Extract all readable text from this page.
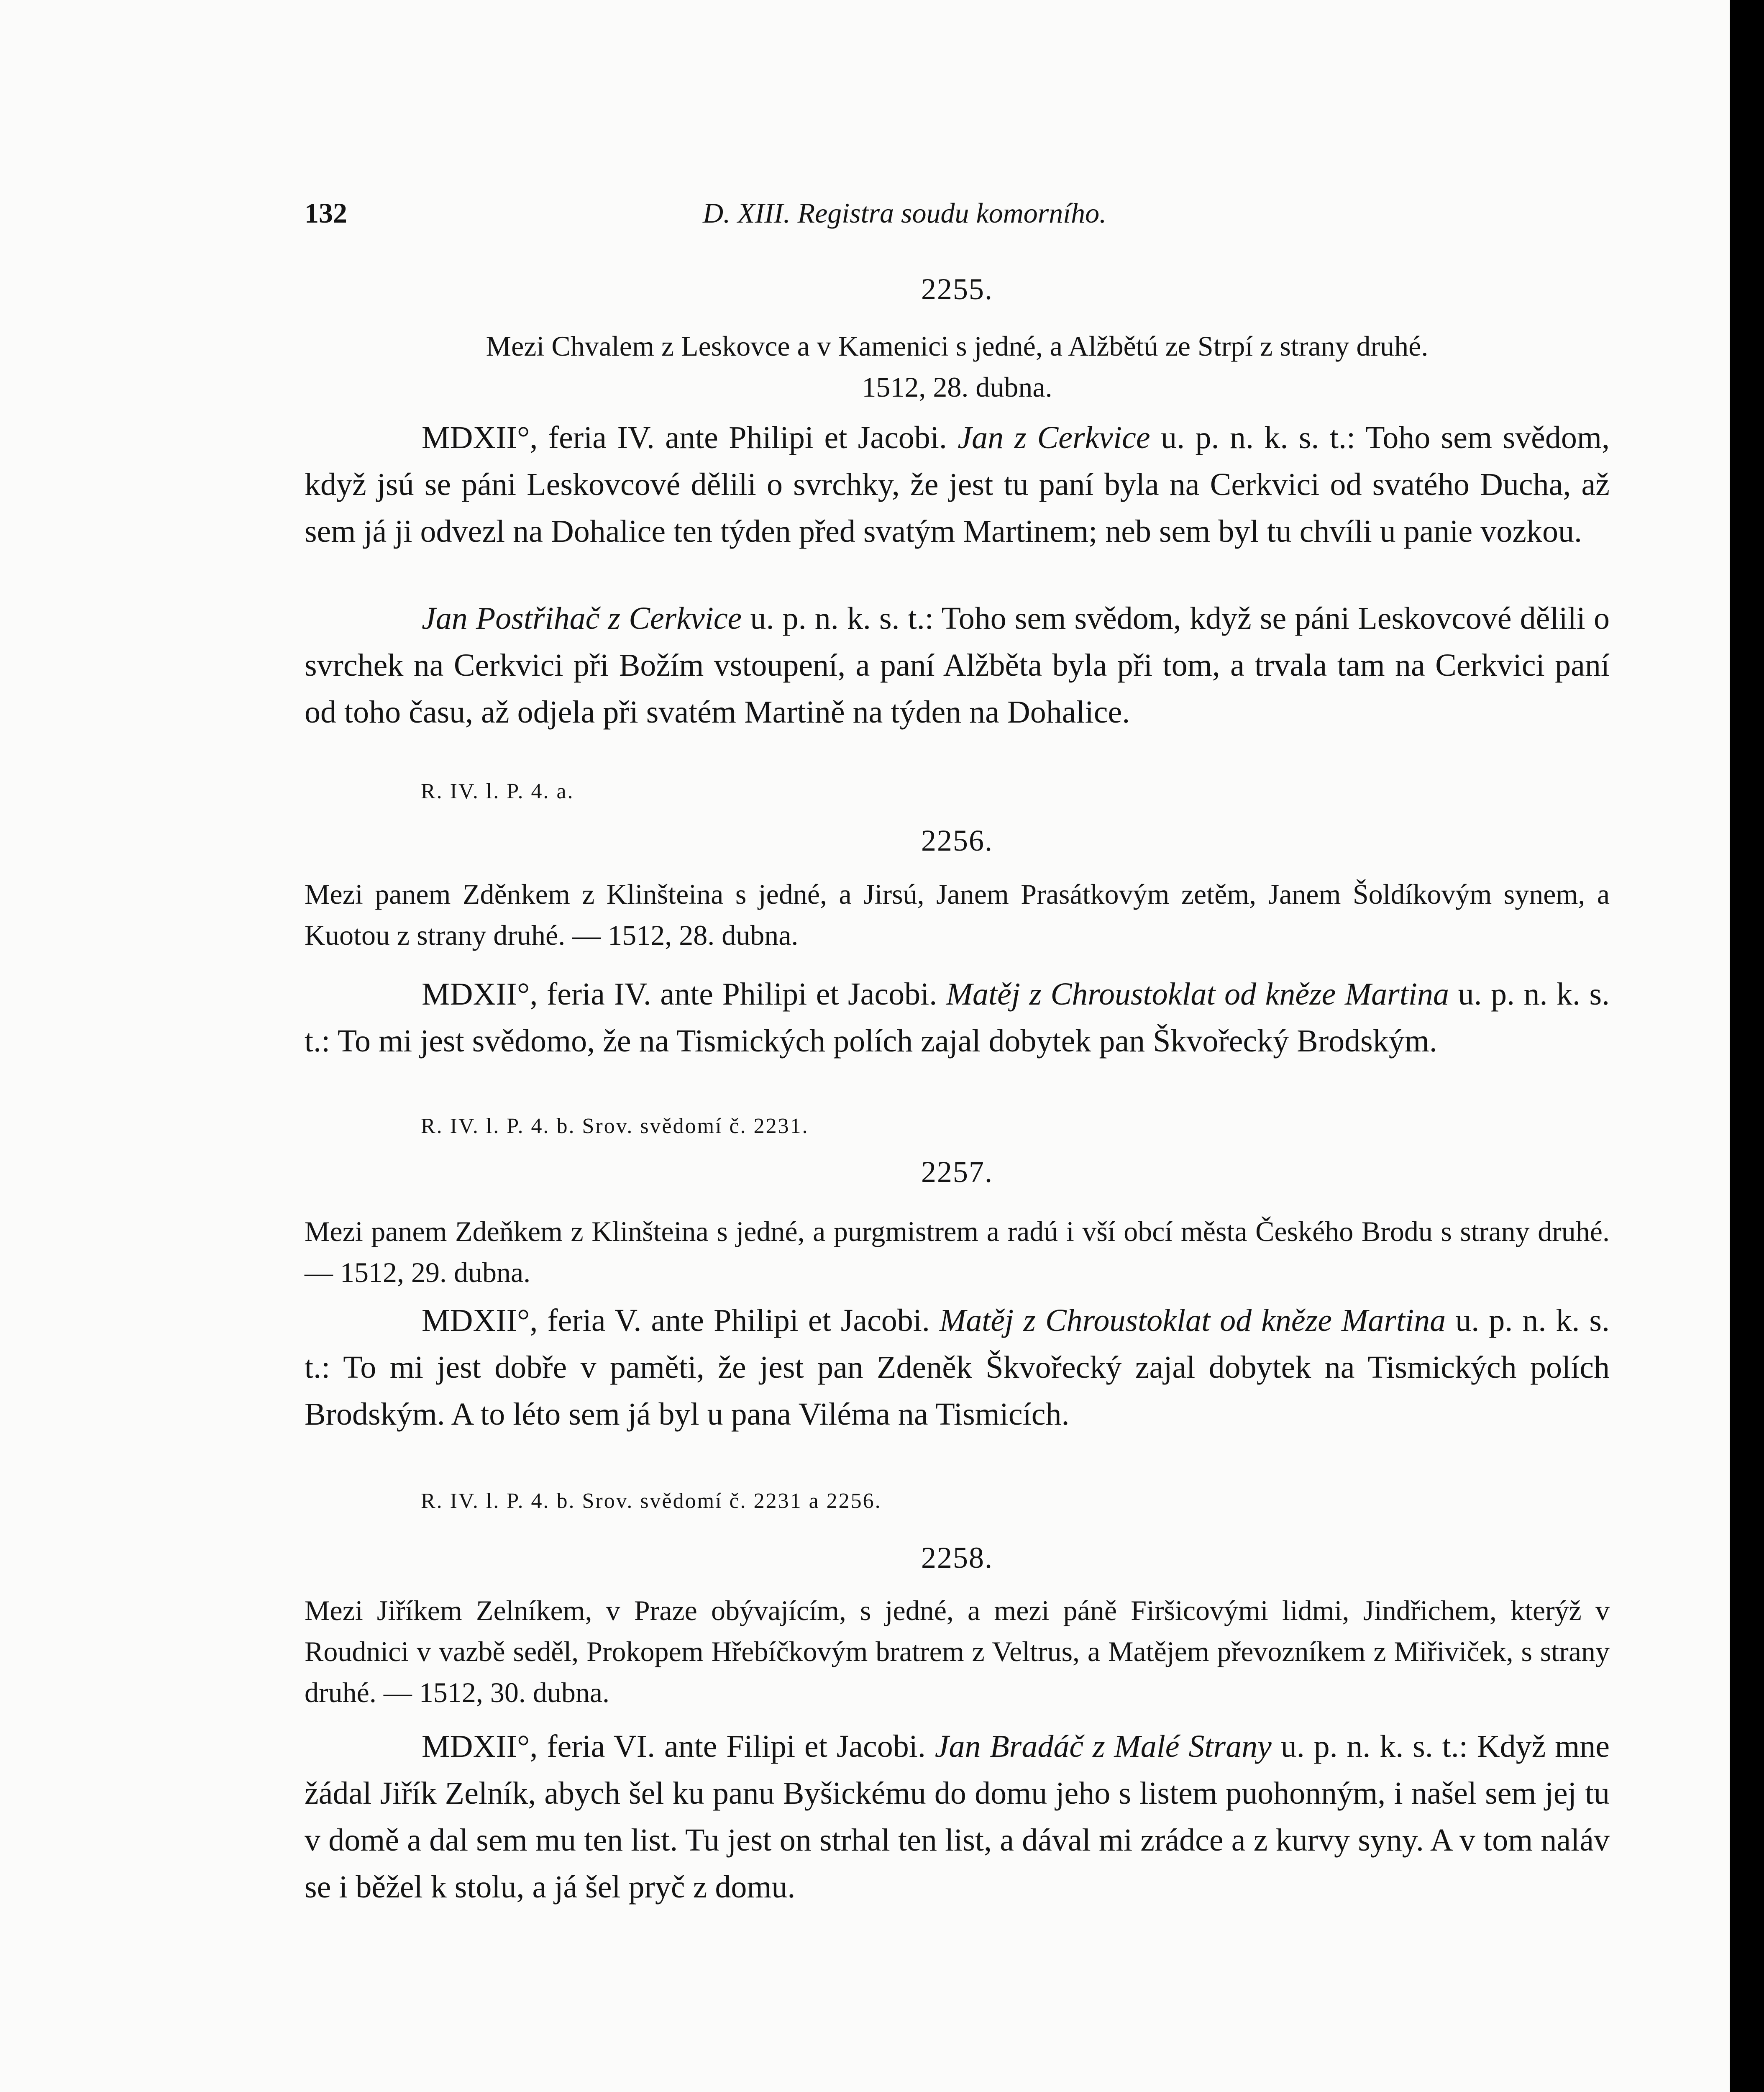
132	D. XIII. Registra soudu komorního.
2255.
Mezi Chvalem z Leskovce a v Kamenici s jedné, a Alžbětú ze Strpí z strany druhé.
1512, 28. dubna.

MDXII°, feria IV. ante Philipi et Jacobi. Jan z Cerkvice u. p. n. k. s. t.: Toho sem svědom, když jsú se páni Leskovcové dělili o svrchky, že jest tu paní byla na Cerkvici od svatého Ducha, až sem já ji odvezl na Dohalice ten týden před svatým Martinem; neb sem byl tu chvíli u panie vozkou.

Jan Postřihač z Cerkvice u. p. n. k. s. t.: Toho sem svědom, když se páni Leskovcové dělili o svrchek na Cerkvici při Božím vstoupení, a paní Alžběta byla při tom, a trvala tam na Cerkvici paní od toho času, až odjela při svatém Martině na týden na Dohalice.

R. IV. l. P. 4. a.
2256.
Mezi panem Zděnkem z Klinšteina s jedné, a Jirsú, Janem Prasátkovým zetěm, Janem Šoldíkovým synem, a Kuotou z strany druhé. — 1512, 28. dubna.

MDXII°, feria IV. ante Philipi et Jacobi. Matěj z Chroustoklat od kněze Martina u. p. n. k. s. t.: To mi jest svědomo, že na Tismických polích zajal dobytek pan Škvořecký Brodským.

R. IV. l. P. 4. b. Srov. svědomí č. 2231.
2257.
Mezi panem Zdeňkem z Klinšteina s jedné, a purgmistrem a radú i vší obcí města Českého Brodu s strany druhé. — 1512, 29. dubna.

MDXII°, feria V. ante Philipi et Jacobi. Matěj z Chroustoklat od kněze Martina u. p. n. k. s. t.: To mi jest dobře v paměti, že jest pan Zdeněk Škvořecký zajal dobytek na Tismických polích Brodským. A to léto sem já byl u pana Viléma na Tismicích.

R. IV. l. P. 4. b. Srov. svědomí č. 2231 a 2256.
2258.
Mezi Jiříkem Zelníkem, v Praze obývajícím, s jedné, a mezi páně Firšicovými lidmi, Jindřichem, kterýž v Roudnici v vazbě seděl, Prokopem Hřebíčkovým bratrem z Veltrus, a Matějem převozníkem z Miřiviček, s strany druhé. — 1512, 30. dubna.

MDXII°, feria VI. ante Filipi et Jacobi. Jan Bradáč z Malé Strany u. p. n. k. s. t.: Když mne žádal Jiřík Zelník, abych šel ku panu Byšickému do domu jeho s listem puohonným, i našel sem jej tu v domě a dal sem mu ten list. Tu jest on strhal ten list, a dával mi zrádce a z kurvy syny. A v tom naláv se i běžel k stolu, a já šel pryč z domu.
